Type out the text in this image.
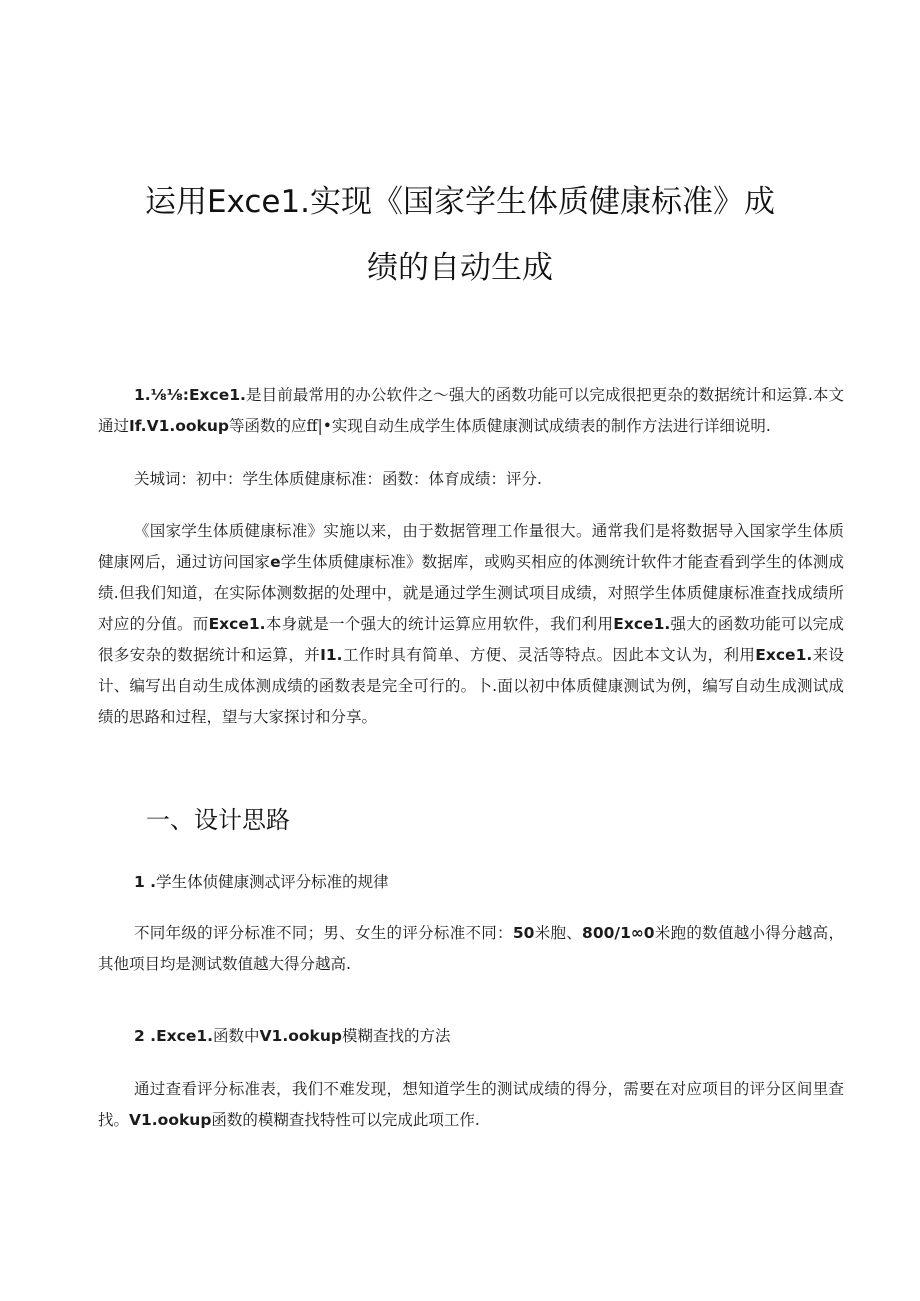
运用Exce1.实现《国家学生体质健康标准》成
绩的自动生成
1.⅛⅛:Exce1.是目前最常用的办公软件之～强大的函数功能可以完成很把更杂的数据统计和运算.本文通过If.V1.ookup等函数的应ff|•实现自动生成学生体质健康测试成绩表的制作方法进行详细说明.
关城词：初中：学生体质健康标准：函数：体育成绩：评分.
《国家学生体质健康标准》实施以来，由于数据管理工作量很大。通常我们是将数据导入国家学生体质健康网后，通过访问国家e学生体质健康标准》数据库，或购买相应的体测统计软件才能查看到学生的体测成绩.但我们知道，在实际体测数据的处理中，就是通过学生测试项目成绩，对照学生体质健康标准查找成绩所对应的分值。而Exce1.本身就是一个强大的统计运算应用软件，我们利用Exce1.强大的函数功能可以完成很多安杂的数据统计和运算，并I1.工作时具有简单、方便、灵活等特点。因此本文认为，利用Exce1.来设计、编写出自动生成体测成绩的函数表是完全可行的。卜.面以初中体质健康测试为例，编写自动生成测试成绩的思路和过程，望与大家探讨和分享。
一、设计思路
1 .学生体侦健康测忒评分标准的规律
不同年级的评分标准不同；男、女生的评分标准不同：50米胞、800/1∞0米跑的数值越小得分越高，其他项目均是测试数值越大得分越高.
2 .Exce1.函数中V1.ookup模糊查找的方法
通过查看评分标准表，我们不难发现，想知道学生的测试成绩的得分，需要在对应项目的评分区间里查找。V1.ookup函数的模糊查找特性可以完成此项工作.
